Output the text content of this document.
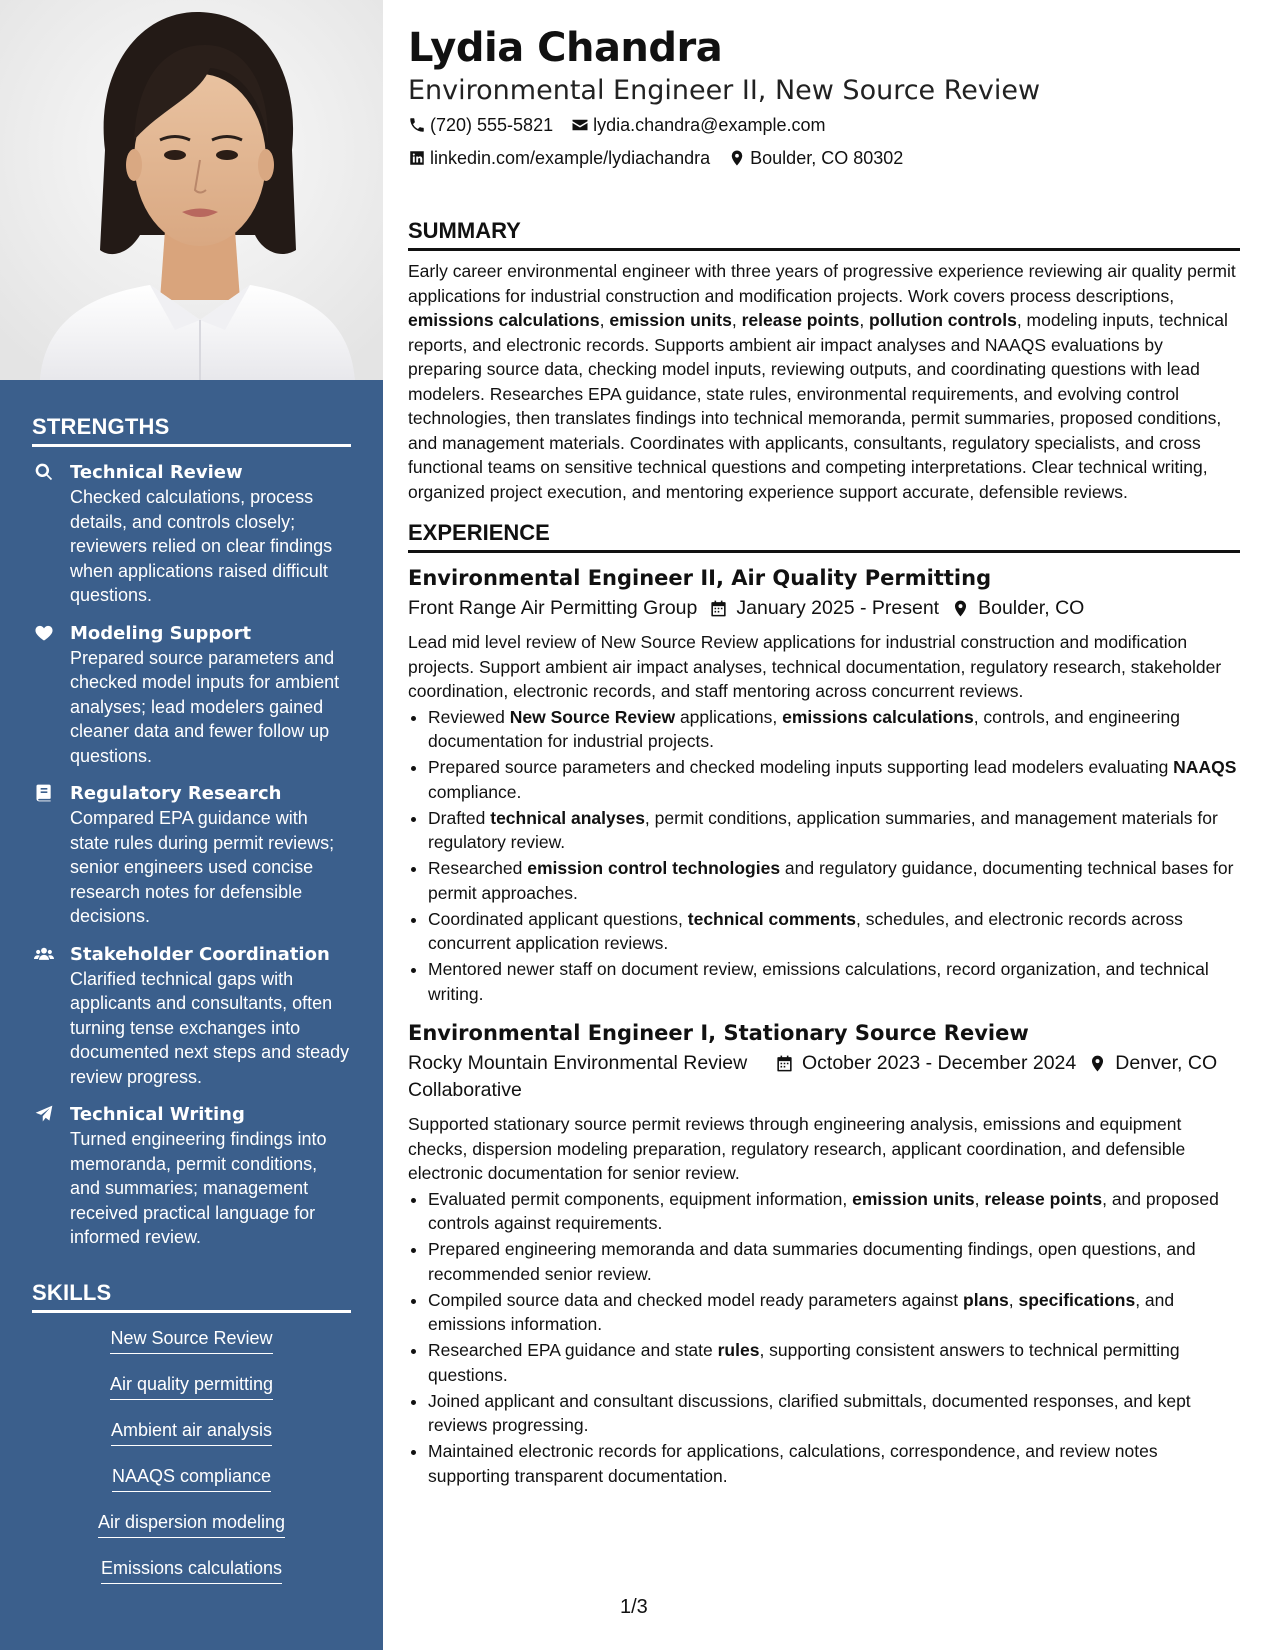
STRENGTHS
Technical Review
Checked calculations, process details, and controls closely; reviewers relied on clear findings when applications raised difficult questions.
Modeling Support
Prepared source parameters and checked model inputs for ambient analyses; lead modelers gained cleaner data and fewer follow up questions.
Regulatory Research
Compared EPA guidance with state rules during permit reviews; senior engineers used concise research notes for defensible decisions.
Stakeholder Coordination
Clarified technical gaps with applicants and consultants, often turning tense exchanges into documented next steps and steady review progress.
Technical Writing
Turned engineering findings into memoranda, permit conditions, and summaries; management received practical language for informed review.
SKILLS
New Source Review
Air quality permitting
Ambient air analysis
NAAQS compliance
Air dispersion modeling
Emissions calculations
Lydia Chandra
Environmental Engineer II, New Source Review
(720) 555-5821 lydia.chandra@example.com
linkedin.com/example/lydiachandra Boulder, CO 80302
SUMMARY
Early career environmental engineer with three years of progressive experience reviewing air quality permit applications for industrial construction and modification projects. Work covers process descriptions, emissions calculations, emission units, release points, pollution controls, modeling inputs, technical reports, and electronic records. Supports ambient air impact analyses and NAAQS evaluations by preparing source data, checking model inputs, reviewing outputs, and coordinating questions with lead modelers. Researches EPA guidance, state rules, environmental requirements, and evolving control technologies, then translates findings into technical memoranda, permit summaries, proposed conditions, and management materials. Coordinates with applicants, consultants, regulatory specialists, and cross functional teams on sensitive technical questions and competing interpretations. Clear technical writing, organized project execution, and mentoring experience support accurate, defensible reviews.
EXPERIENCE
Environmental Engineer II, Air Quality Permitting
Front Range Air Permitting Group January 2025 - Present Boulder, CO
Lead mid level review of New Source Review applications for industrial construction and modification projects. Support ambient air impact analyses, technical documentation, regulatory research, stakeholder coordination, electronic records, and staff mentoring across concurrent reviews.
• Reviewed New Source Review applications, emissions calculations, controls, and engineering documentation for industrial projects.
• Prepared source parameters and checked modeling inputs supporting lead modelers evaluating NAAQS compliance.
• Drafted technical analyses, permit conditions, application summaries, and management materials for regulatory review.
• Researched emission control technologies and regulatory guidance, documenting technical bases for permit approaches.
• Coordinated applicant questions, technical comments, schedules, and electronic records across concurrent application reviews.
• Mentored newer staff on document review, emissions calculations, record organization, and technical writing.
Environmental Engineer I, Stationary Source Review
Rocky Mountain Environmental Review Collaborative
October 2023 - December 2024 Denver, CO
Supported stationary source permit reviews through engineering analysis, emissions and equipment checks, dispersion modeling preparation, regulatory research, applicant coordination, and defensible electronic documentation for senior review.
• Evaluated permit components, equipment information, emission units, release points, and proposed controls against requirements.
• Prepared engineering memoranda and data summaries documenting findings, open questions, and recommended senior review.
• Compiled source data and checked model ready parameters against plans, specifications, and emissions information.
• Researched EPA guidance and state rules, supporting consistent answers to technical permitting questions.
• Joined applicant and consultant discussions, clarified submittals, documented responses, and kept reviews progressing.
• Maintained electronic records for applications, calculations, correspondence, and review notes supporting transparent documentation.
1/3
